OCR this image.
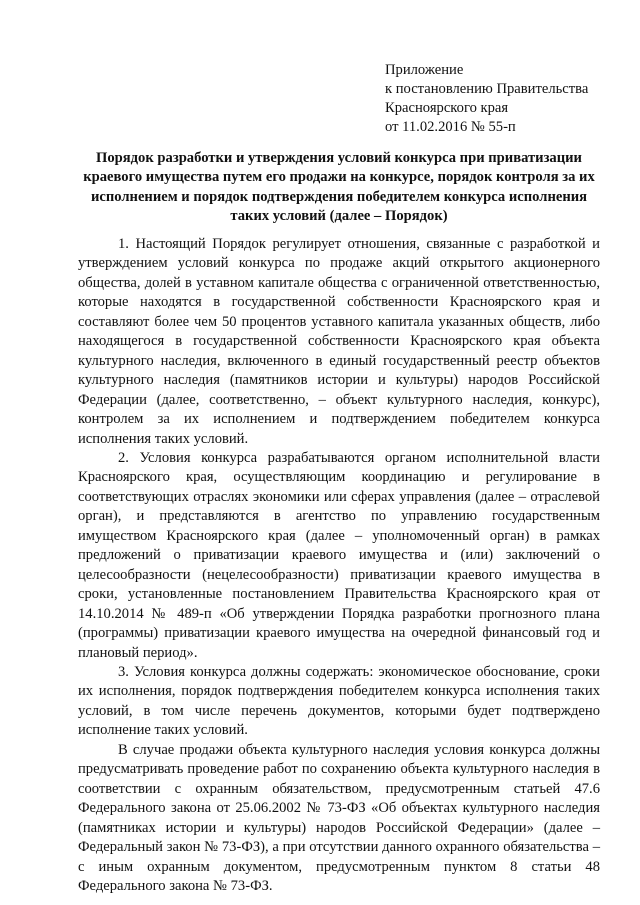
Приложение
к постановлению Правительства
Красноярского края
от 11.02.2016 № 55-п
Порядок разработки и утверждения условий конкурса при приватизации краевого имущества путем его продажи на конкурсе, порядок контроля за их исполнением и порядок подтверждения победителем конкурса исполнения таких условий (далее – Порядок)

1. Настоящий Порядок регулирует отношения, связанные с разработкой и утверждением условий конкурса по продаже акций открытого акционерного общества, долей в уставном капитале общества с ограниченной ответственностью, которые находятся в государственной собственности Красноярского края и составляют более чем 50 процентов уставного капитала указанных обществ, либо находящегося в государственной собственности Красноярского края объекта культурного наследия, включенного в единый государственный реестр объектов культурного наследия (памятников истории и культуры) народов Российской Федерации (далее, соответственно, – объект культурного наследия, конкурс), контролем за их исполнением и подтверждением победителем конкурса исполнения таких условий.

2. Условия конкурса разрабатываются органом исполнительной власти Красноярского края, осуществляющим координацию и регулирование в соответствующих отраслях экономики или сферах управления (далее – отраслевой орган), и представляются в агентство по управлению государственным имуществом Красноярского края (далее – уполномоченный орган) в рамках предложений о приватизации краевого имущества и (или) заключений о целесообразности (нецелесообразности) приватизации краевого имущества в сроки, установленные постановлением Правительства Красноярского края от 14.10.2014 № 489-п «Об утверждении Порядка разработки прогнозного плана (программы) приватизации краевого имущества на очередной финансовый год и плановый период».

3. Условия конкурса должны содержать: экономическое обоснование, сроки их исполнения, порядок подтверждения победителем конкурса исполнения таких условий, в том числе перечень документов, которыми будет подтверждено исполнение таких условий.

В случае продажи объекта культурного наследия условия конкурса должны предусматривать проведение работ по сохранению объекта культурного наследия в соответствии с охранным обязательством, предусмотренным статьей 47.6 Федерального закона от 25.06.2002 № 73-ФЗ «Об объектах культурного наследия (памятниках истории и культуры) народов Российской Федерации» (далее – Федеральный закон № 73-ФЗ), а при отсутствии данного охранного обязательства – с иным охранным документом, предусмотренным пунктом 8 статьи 48 Федерального закона № 73-ФЗ.
